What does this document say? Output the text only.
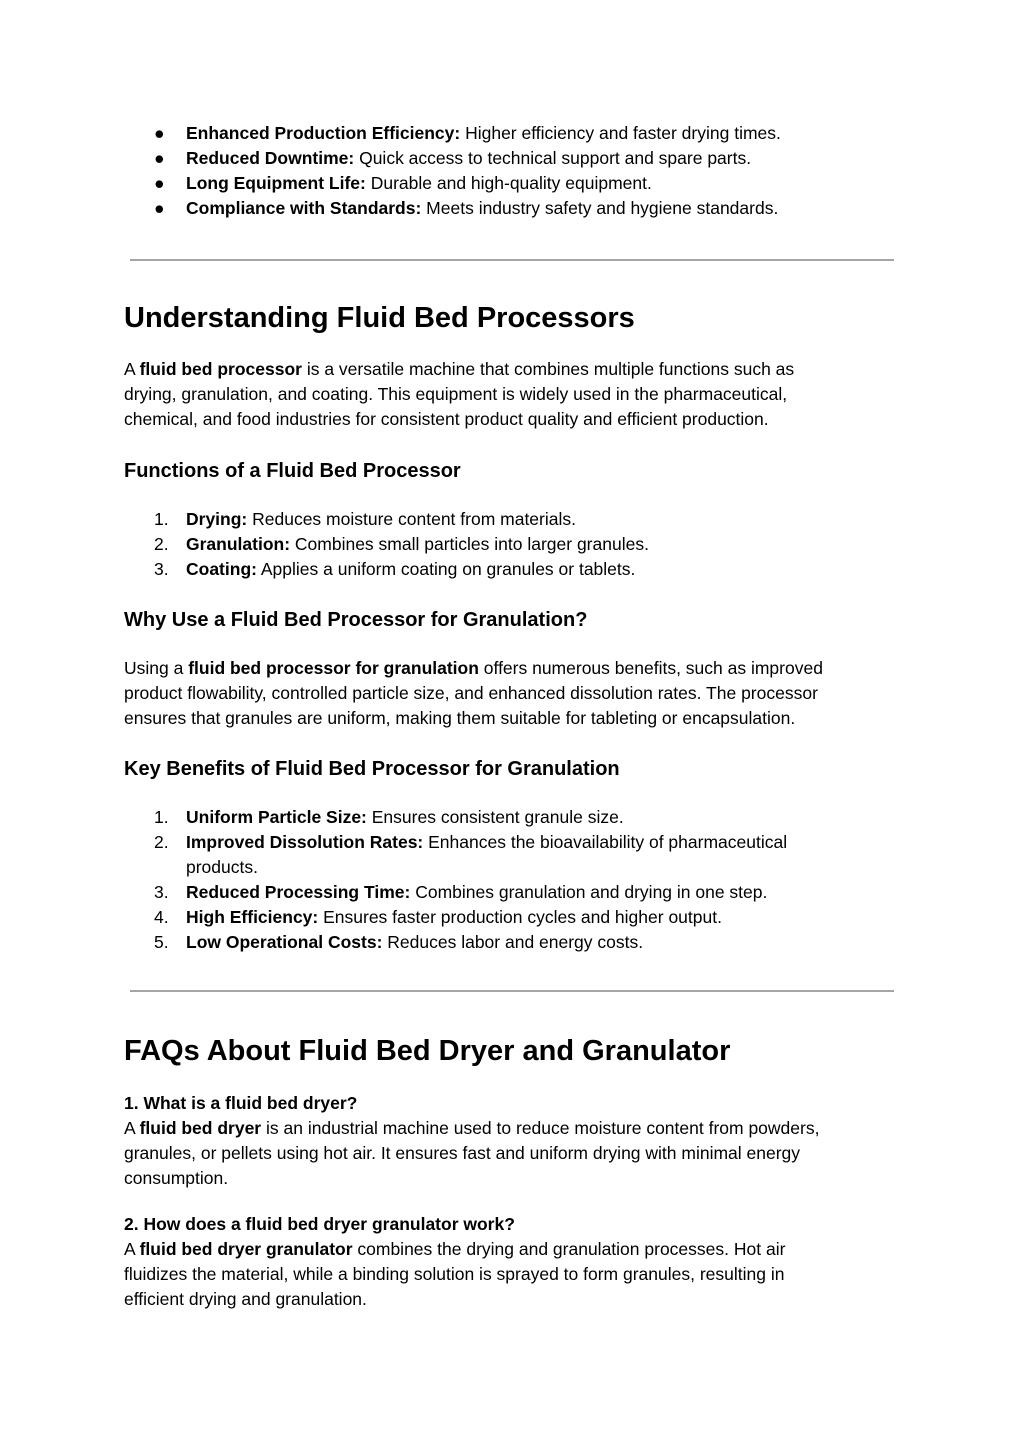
● Enhanced Production Efficiency: Higher efficiency and faster drying times.
● Reduced Downtime: Quick access to technical support and spare parts.
● Long Equipment Life: Durable and high-quality equipment.
● Compliance with Standards: Meets industry safety and hygiene standards.
Understanding Fluid Bed Processors
A fluid bed processor is a versatile machine that combines multiple functions such as
drying, granulation, and coating. This equipment is widely used in the pharmaceutical,
chemical, and food industries for consistent product quality and efficient production.
Functions of a Fluid Bed Processor
1. Drying: Reduces moisture content from materials.
2. Granulation: Combines small particles into larger granules.
3. Coating: Applies a uniform coating on granules or tablets.
Why Use a Fluid Bed Processor for Granulation?
Using a fluid bed processor for granulation offers numerous benefits, such as improved
product flowability, controlled particle size, and enhanced dissolution rates. The processor
ensures that granules are uniform, making them suitable for tableting or encapsulation.
Key Benefits of Fluid Bed Processor for Granulation
1. Uniform Particle Size: Ensures consistent granule size.
2. Improved Dissolution Rates: Enhances the bioavailability of pharmaceutical
products.
3. Reduced Processing Time: Combines granulation and drying in one step.
4. High Efficiency: Ensures faster production cycles and higher output.
5. Low Operational Costs: Reduces labor and energy costs.
FAQs About Fluid Bed Dryer and Granulator
1. What is a fluid bed dryer?
A fluid bed dryer is an industrial machine used to reduce moisture content from powders,
granules, or pellets using hot air. It ensures fast and uniform drying with minimal energy
consumption.
2. How does a fluid bed dryer granulator work?
A fluid bed dryer granulator combines the drying and granulation processes. Hot air
fluidizes the material, while a binding solution is sprayed to form granules, resulting in
efficient drying and granulation.
